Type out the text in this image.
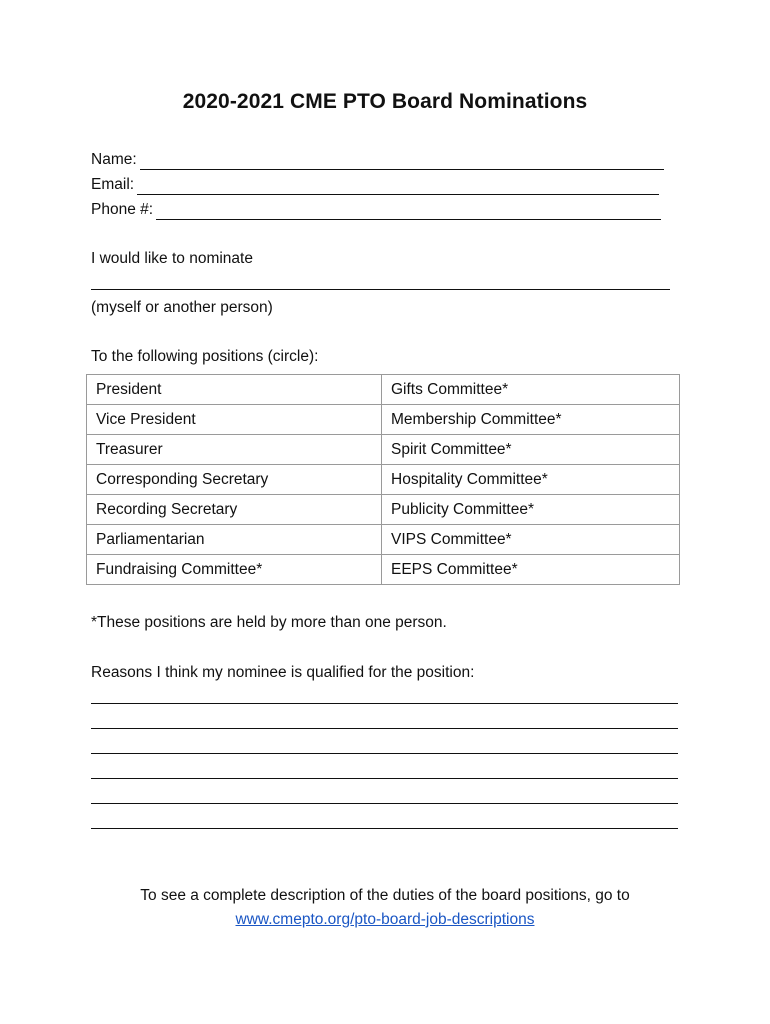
2020-2021 CME PTO Board Nominations
Name:
Email:
Phone #:
I would like to nominate
(myself or another person)
To the following positions (circle):
President	Gifts Committee*
Vice President	Membership Committee*
Treasurer	Spirit Committee*
Corresponding Secretary	Hospitality Committee*
Recording Secretary	Publicity Committee*
Parliamentarian	VIPS Committee*
Fundraising Committee*	EEPS Committee*
*These positions are held by more than one person.
Reasons I think my nominee is qualified for the position:
To see a complete description of the duties of the board positions, go to
www.cmepto.org/pto-board-job-descriptions
